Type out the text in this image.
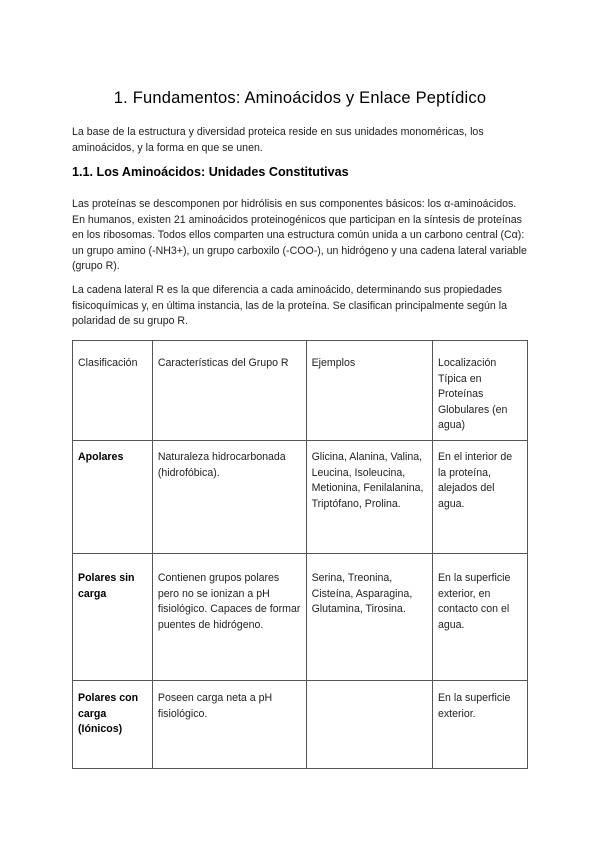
1. Fundamentos: Aminoácidos y Enlace Peptídico

La base de la estructura y diversidad proteica reside en sus unidades monoméricas, los aminoácidos, y la forma en que se unen.

1.1. Los Aminoácidos: Unidades Constitutivas

Las proteínas se descomponen por hidrólisis en sus componentes básicos: los α-aminoácidos. En humanos, existen 21 aminoácidos proteinogénicos que participan en la síntesis de proteínas en los ribosomas. Todos ellos comparten una estructura común unida a un carbono central (Cα): un grupo amino (-NH3+), un grupo carboxilo (-COO-), un hidrógeno y una cadena lateral variable (grupo R).

La cadena lateral R es la que diferencia a cada aminoácido, determinando sus propiedades fisicoquímicas y, en última instancia, las de la proteína. Se clasifican principalmente según la polaridad de su grupo R.

Clasificación	Características del Grupo R	Ejemplos	Localización Típica en Proteínas Globulares (en agua)
Apolares	Naturaleza hidrocarbonada (hidrofóbica).	Glicina, Alanina, Valina, Leucina, Isoleucina, Metionina, Fenilalanina, Triptófano, Prolina.	En el interior de la proteína, alejados del agua.
Polares sin carga	Contienen grupos polares pero no se ionizan a pH fisiológico. Capaces de formar puentes de hidrógeno.	Serina, Treonina, Cisteína, Asparagina, Glutamina, Tirosina.	En la superficie exterior, en contacto con el agua.
Polares con carga (Iónicos)	Poseen carga neta a pH fisiológico.		En la superficie exterior.
